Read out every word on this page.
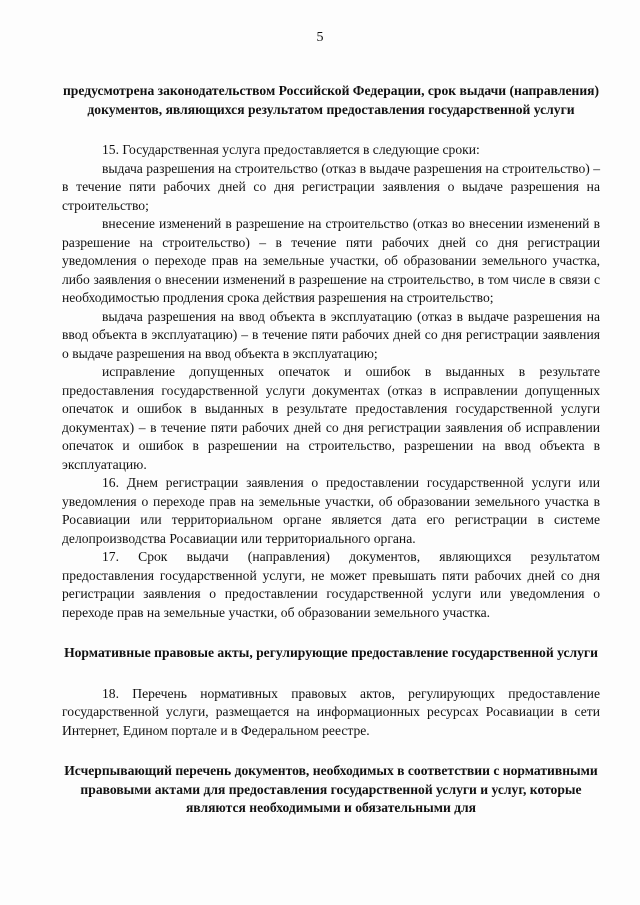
5
предусмотрена законодательством Российской Федерации, срок выдачи (направления) документов, являющихся результатом предоставления государственной услуги

15. Государственная услуга предоставляется в следующие сроки:

выдача разрешения на строительство (отказ в выдаче разрешения на строительство) – в течение пяти рабочих дней со дня регистрации заявления о выдаче разрешения на строительство;

внесение изменений в разрешение на строительство (отказ во внесении изменений в разрешение на строительство) – в течение пяти рабочих дней со дня регистрации уведомления о переходе прав на земельные участки, об образовании земельного участка, либо заявления о внесении изменений в разрешение на строительство, в том числе в связи с необходимостью продления срока действия разрешения на строительство;

выдача разрешения на ввод объекта в эксплуатацию (отказ в выдаче разрешения на ввод объекта в эксплуатацию) – в течение пяти рабочих дней со дня регистрации заявления о выдаче разрешения на ввод объекта в эксплуатацию;

исправление допущенных опечаток и ошибок в выданных в результате предоставления государственной услуги документах (отказ в исправлении допущенных опечаток и ошибок в выданных в результате предоставления государственной услуги документах) – в течение пяти рабочих дней со дня регистрации заявления об исправлении опечаток и ошибок в разрешении на строительство, разрешении на ввод объекта в эксплуатацию.

16. Днем регистрации заявления о предоставлении государственной услуги или уведомления о переходе прав на земельные участки, об образовании земельного участка в Росавиации или территориальном органе является дата его регистрации в системе делопроизводства Росавиации или территориального органа.

17. Срок выдачи (направления) документов, являющихся результатом предоставления государственной услуги, не может превышать пяти рабочих дней со дня регистрации заявления о предоставлении государственной услуги или уведомления о переходе прав на земельные участки, об образовании земельного участка.

Нормативные правовые акты, регулирующие предоставление государственной услуги

18. Перечень нормативных правовых актов, регулирующих предоставление государственной услуги, размещается на информационных ресурсах Росавиации в сети Интернет, Едином портале и в Федеральном реестре.

Исчерпывающий перечень документов, необходимых в соответствии с нормативными правовыми актами для предоставления государственной услуги и услуг, которые являются необходимыми и обязательными для
